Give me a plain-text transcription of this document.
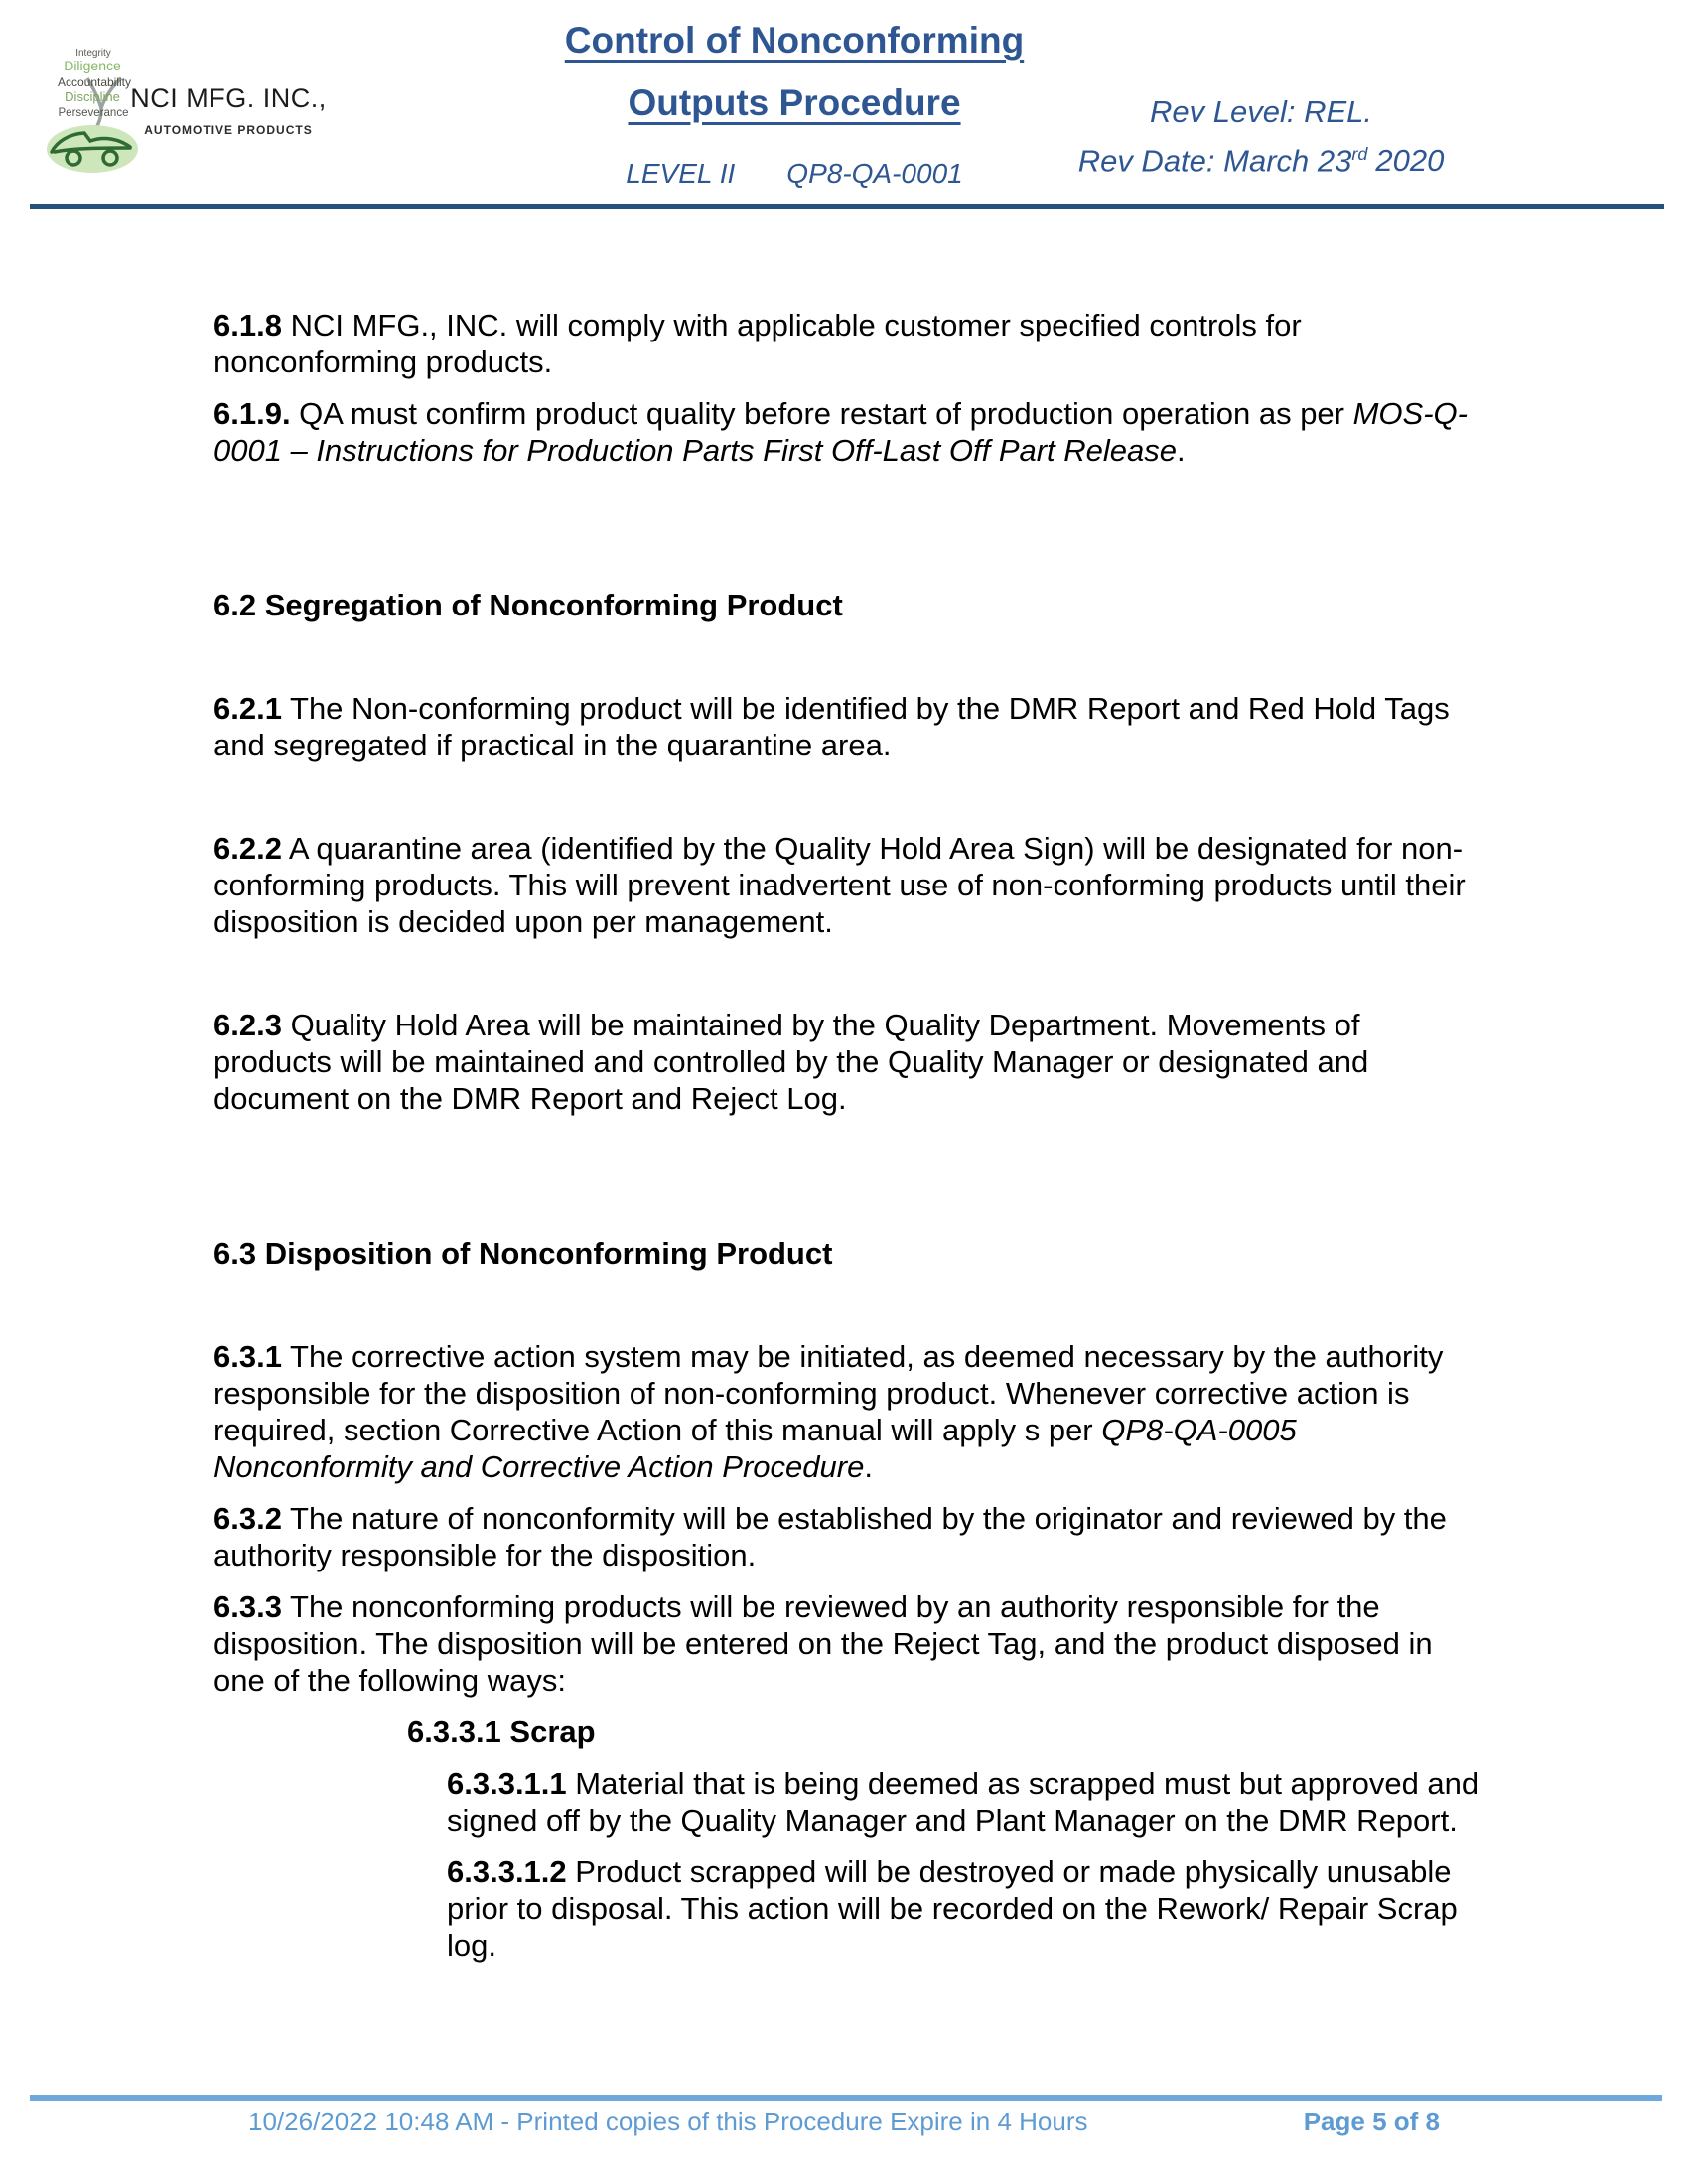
Integrity
Diligence
Accountability
Discipline
Perseverance NCI MFG. INC.,
AUTOMOTIVE PRODUCTS
Control of Nonconforming
Outputs Procedure
LEVEL II QP8-QA-0001
Rev Level: REL.
Rev Date: March 23rd 2020

6.1.8 NCI MFG., INC. will comply with applicable customer specified controls for nonconforming products.

6.1.9. QA must confirm product quality before restart of production operation as per MOS-Q-0001 – Instructions for Production Parts First Off-Last Off Part Release.

6.2 Segregation of Nonconforming Product

6.2.1 The Non-conforming product will be identified by the DMR Report and Red Hold Tags and segregated if practical in the quarantine area.

6.2.2 A quarantine area (identified by the Quality Hold Area Sign) will be designated for non-conforming products. This will prevent inadvertent use of non-conforming products until their disposition is decided upon per management.

6.2.3 Quality Hold Area will be maintained by the Quality Department. Movements of products will be maintained and controlled by the Quality Manager or designated and document on the DMR Report and Reject Log.

6.3 Disposition of Nonconforming Product

6.3.1 The corrective action system may be initiated, as deemed necessary by the authority responsible for the disposition of non-conforming product. Whenever corrective action is required, section Corrective Action of this manual will apply s per QP8-QA-0005 Nonconformity and Corrective Action Procedure.

6.3.2 The nature of nonconformity will be established by the originator and reviewed by the authority responsible for the disposition.

6.3.3 The nonconforming products will be reviewed by an authority responsible for the disposition. The disposition will be entered on the Reject Tag, and the product disposed in one of the following ways:

6.3.3.1 Scrap

6.3.3.1.1 Material that is being deemed as scrapped must but approved and signed off by the Quality Manager and Plant Manager on the DMR Report.

6.3.3.1.2 Product scrapped will be destroyed or made physically unusable prior to disposal. This action will be recorded on the Rework/ Repair Scrap log.

10/26/2022 10:48 AM - Printed copies of this Procedure Expire in 4 Hours	Page 5 of 8
